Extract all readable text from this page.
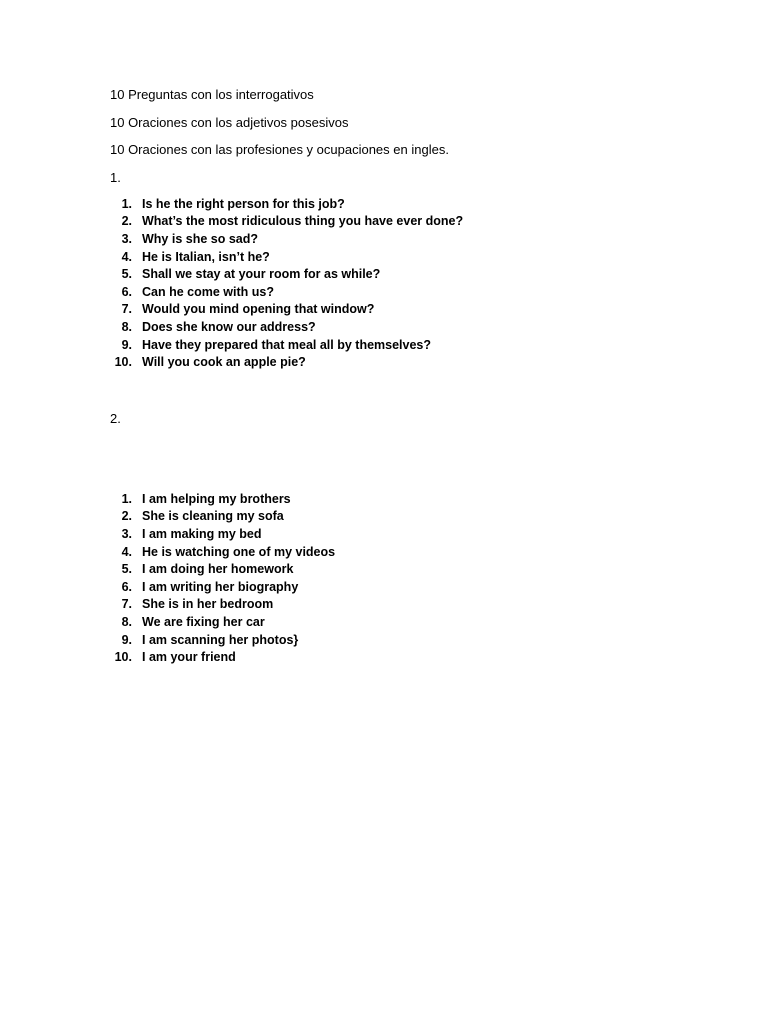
10 Preguntas con los interrogativos
10 Oraciones con los adjetivos posesivos
10 Oraciones con las profesiones y ocupaciones en ingles.
1.
1. Is he the right person for this job?
2. What’s the most ridiculous thing you have ever done?
3. Why is she so sad?
4. He is Italian, isn’t he?
5. Shall we stay at your room for as while?
6. Can he come with us?
7. Would you mind opening that window?
8. Does she know our address?
9. Have they prepared that meal all by themselves?
10. Will you cook an apple pie?
2.
1. I am helping my brothers
2. She is cleaning my sofa
3. I am making my bed
4. He is watching one of my videos
5. I am doing her homework
6. I am writing her biography
7. She is in her bedroom
8. We are fixing her car
9. I am scanning her photos}
10. I am your friend
